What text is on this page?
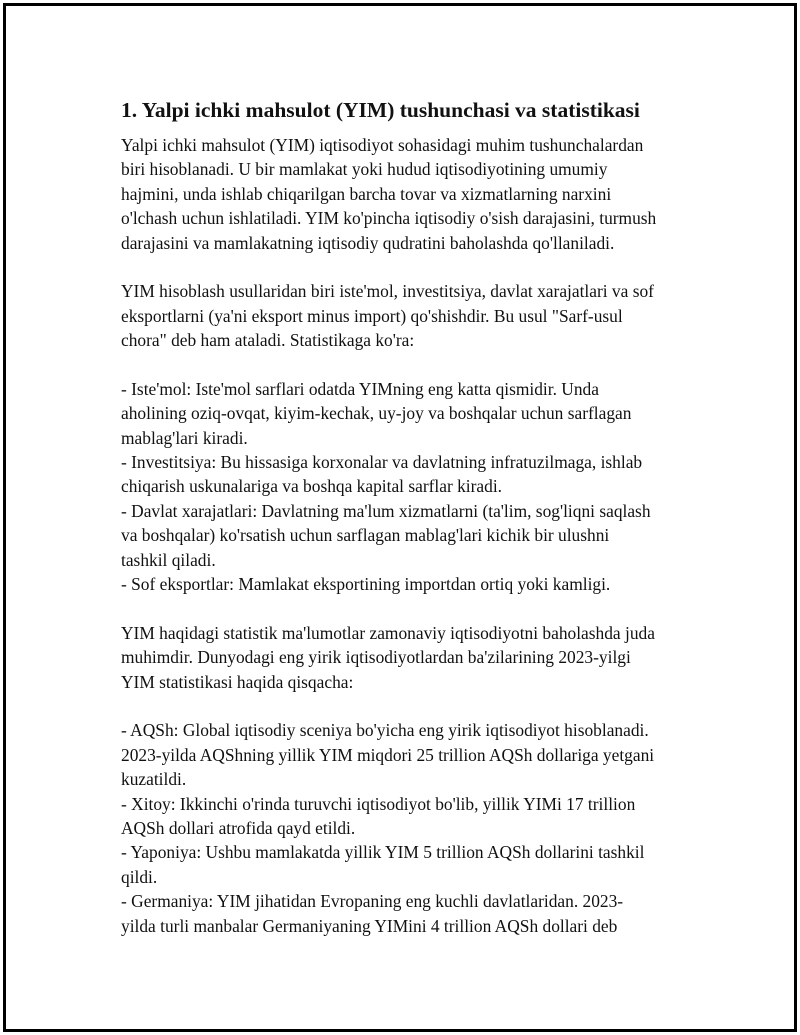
1. Yalpi ichki mahsulot (YIM) tushunchasi va statistikasi
Yalpi ichki mahsulot (YIM) iqtisodiyot sohasidagi muhim tushunchalardan
biri hisoblanadi. U bir mamlakat yoki hudud iqtisodiyotining umumiy
hajmini, unda ishlab chiqarilgan barcha tovar va xizmatlarning narxini
o'lchash uchun ishlatiladi. YIM ko'pincha iqtisodiy o'sish darajasini, turmush
darajasini va mamlakatning iqtisodiy qudratini baholashda qo'llaniladi.
YIM hisoblash usullaridan biri iste'mol, investitsiya, davlat xarajatlari va sof
eksportlarni (ya'ni eksport minus import) qo'shishdir. Bu usul "Sarf-usul
chora" deb ham ataladi. Statistikaga ko'ra:
- Iste'mol: Iste'mol sarflari odatda YIMning eng katta qismidir. Unda
aholining oziq-ovqat, kiyim-kechak, uy-joy va boshqalar uchun sarflagan
mablag'lari kiradi.
- Investitsiya: Bu hissasiga korxonalar va davlatning infratuzilmaga, ishlab
chiqarish uskunalariga va boshqa kapital sarflar kiradi.
- Davlat xarajatlari: Davlatning ma'lum xizmatlarni (ta'lim, sog'liqni saqlash
va boshqalar) ko'rsatish uchun sarflagan mablag'lari kichik bir ulushni
tashkil qiladi.
- Sof eksportlar: Mamlakat eksportining importdan ortiq yoki kamligi.
YIM haqidagi statistik ma'lumotlar zamonaviy iqtisodiyotni baholashda juda
muhimdir. Dunyodagi eng yirik iqtisodiyotlardan ba'zilarining 2023-yilgi
YIM statistikasi haqida qisqacha:
- AQSh: Global iqtisodiy sceniya bo'yicha eng yirik iqtisodiyot hisoblanadi.
2023-yilda AQShning yillik YIM miqdori 25 trillion AQSh dollariga yetgani
kuzatildi.
- Xitoy: Ikkinchi o'rinda turuvchi iqtisodiyot bo'lib, yillik YIMi 17 trillion
AQSh dollari atrofida qayd etildi.
- Yaponiya: Ushbu mamlakatda yillik YIM 5 trillion AQSh dollarini tashkil
qildi.
- Germaniya: YIM jihatidan Evropaning eng kuchli davlatlaridan. 2023-
yilda turli manbalar Germaniyaning YIMini 4 trillion AQSh dollari deb
